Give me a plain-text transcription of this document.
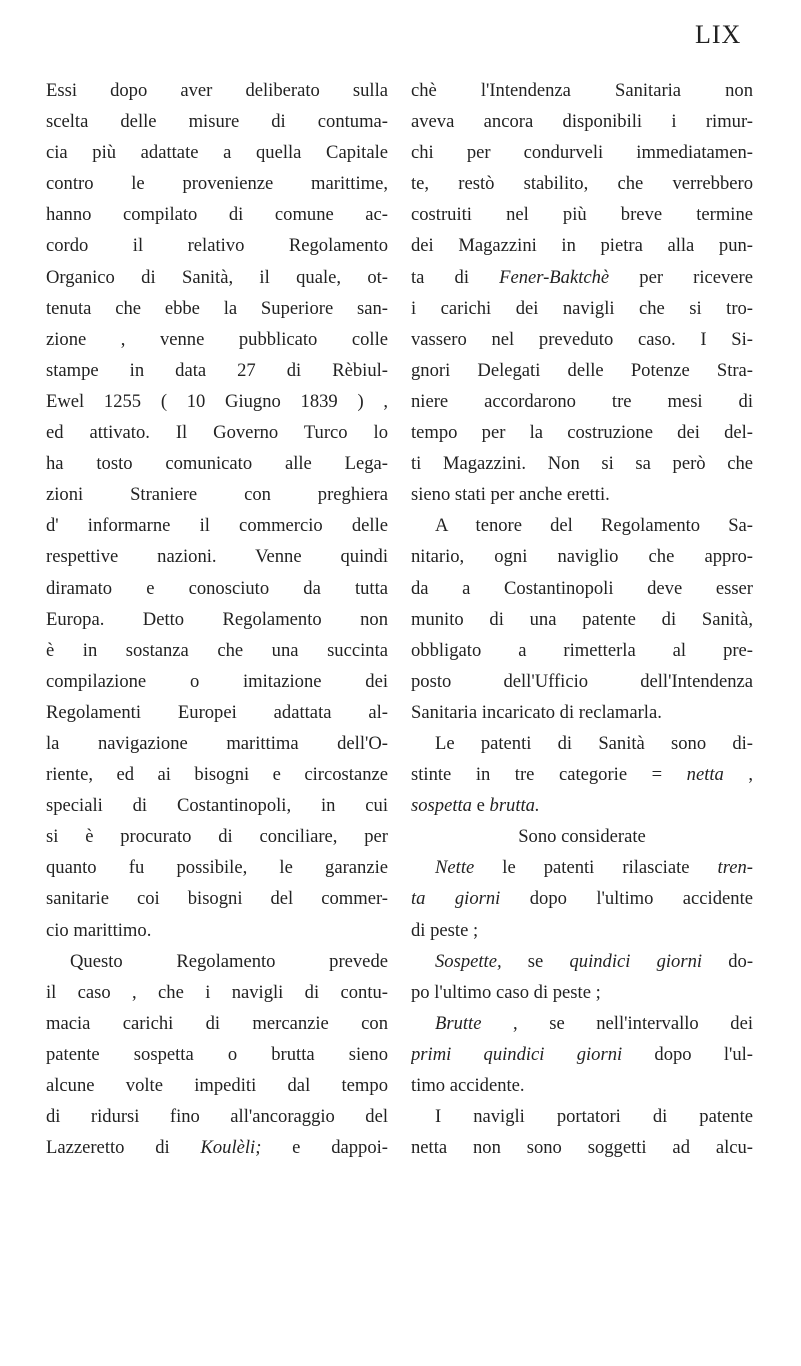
LIX
Essi dopo aver deliberato sulla
scelta delle misure di contuma-
cia più adattate a quella Capitale
contro le provenienze marittime,
hanno compilato di comune ac-
cordo il relativo Regolamento
Organico di Sanità, il quale, ot-
tenuta che ebbe la Superiore san-
zione , venne pubblicato colle
stampe in data 27 di Rèbiul-
Ewel 1255 ( 10 Giugno 1839 ) ,
ed attivato. Il Governo Turco lo
ha tosto comunicato alle Lega-
zioni Straniere con preghiera
d' informarne il commercio delle
respettive nazioni. Venne quindi
diramato e conosciuto da tutta
Europa. Detto Regolamento non
è in sostanza che una succinta
compilazione o imitazione dei
Regolamenti Europei adattata al-
la navigazione marittima dell'O-
riente, ed ai bisogni e circostanze
speciali di Costantinopoli, in cui
si è procurato di conciliare, per
quanto fu possibile, le garanzie
sanitarie coi bisogni del commer-
cio marittimo.
Questo Regolamento prevede
il caso , che i navigli di contu-
macia carichi di mercanzie con
patente sospetta o brutta sieno
alcune volte impediti dal tempo
di ridursi fino all'ancoraggio del
Lazzeretto di Koulèli; e dappoi-
chè l'Intendenza Sanitaria non
aveva ancora disponibili i rimur-
chi per condurveli immediatamen-
te, restò stabilito, che verrebbero
costruiti nel più breve termine
dei Magazzini in pietra alla pun-
ta di Fener-Baktchè per ricevere
i carichi dei navigli che si tro-
vassero nel preveduto caso. I Si-
gnori Delegati delle Potenze Stra-
niere accordarono tre mesi di
tempo per la costruzione dei del-
ti Magazzini. Non si sa però che
sieno stati per anche eretti.
A tenore del Regolamento Sa-
nitario, ogni naviglio che appro-
da a Costantinopoli deve esser
munito di una patente di Sanità,
obbligato a rimetterla al pre-
posto dell'Ufficio dell'Intendenza
Sanitaria incaricato di reclamarla.
Le patenti di Sanità sono di-
stinte in tre categorie = netta ,
sospetta e brutta.
Sono considerate
Nette le patenti rilasciate tren-
ta giorni dopo l'ultimo accidente
di peste ;
Sospette, se quindici giorni do-
po l'ultimo caso di peste ;
Brutte , se nell'intervallo dei
primi quindici giorni dopo l'ul-
timo accidente.
I navigli portatori di patente
netta non sono soggetti ad alcu-
